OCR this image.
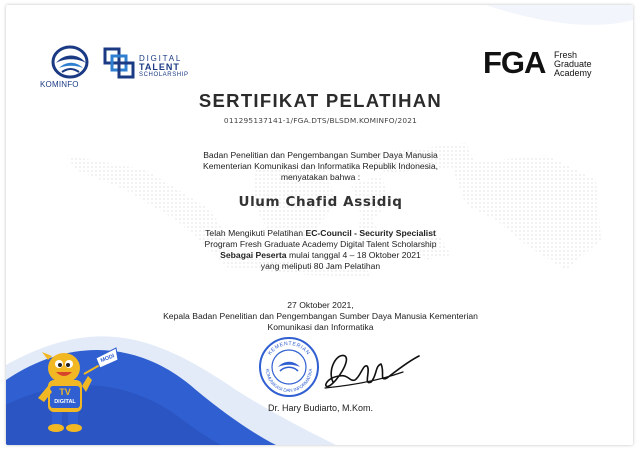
KOMINFO
DIGITAL
TALENT
SCHOLARSHIP	FGA Fresh
Graduate
Academy
SERTIFIKAT PELATIHAN
011295137141-1/FGA.DTS/BLSDM.KOMINFO/2021
Badan Penelitian dan Pengembangan Sumber Daya Manusia
Kementerian Komunikasi dan Informatika Republik Indonesia,
menyatakan bahwa :
Ulum Chafid Assidiq
Telah Mengikuti Pelatihan EC-Council - Security Specialist
Program Fresh Graduate Academy Digital Talent Scholarship
Sebagai Peserta mulai tanggal 4 – 18 Oktober 2021
yang meliputi 80 Jam Pelatihan
27 Oktober 2021,
Kepala Badan Penelitian dan Pengembangan Sumber Daya Manusia Kementerian
Komunikasi dan Informatika
KEMENTERIAN
KOMUNIKASI DAN INFORMATIKA
Dr. Hary Budiarto, M.Kom.
MODI
TV
DIGITAL
